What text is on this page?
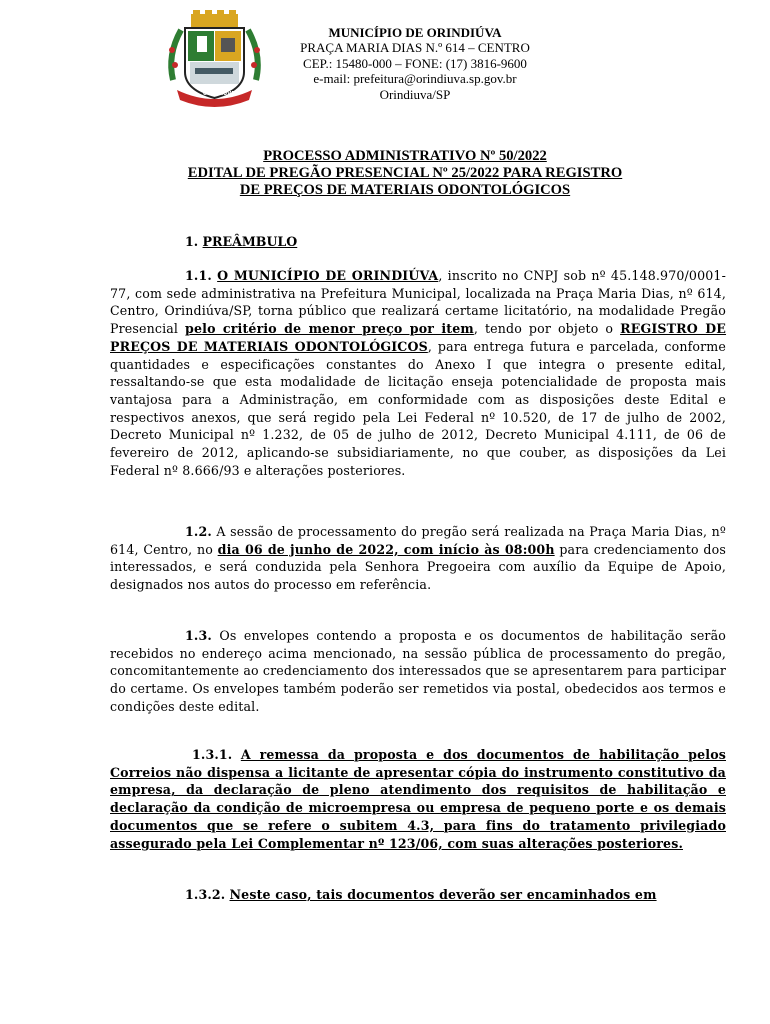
ORINDIÚVA
MUNICÍPIO DE ORINDIÚVA
PRAÇA MARIA DIAS N.º 614 – CENTRO
CEP.: 15480-000 – FONE: (17) 3816-9600
e-mail: prefeitura@orindiuva.sp.gov.br
Orindiuva/SP
PROCESSO ADMINISTRATIVO Nº 50/2022
EDITAL DE PREGÃO PRESENCIAL Nº 25/2022 PARA REGISTRO
DE PREÇOS DE MATERIAIS ODONTOLÓGICOS
1. PREÂMBULO
1.1. O MUNICÍPIO DE ORINDIÚVA, inscrito no CNPJ sob nº 45.148.970/0001-77, com sede administrativa na Prefeitura Municipal, localizada na Praça Maria Dias, nº 614, Centro, Orindiúva/SP, torna público que realizará certame licitatório, na modalidade Pregão Presencial pelo critério de menor preço por item, tendo por objeto o REGISTRO DE PREÇOS DE MATERIAIS ODONTOLÓGICOS, para entrega futura e parcelada, conforme quantidades e especificações constantes do Anexo I que integra o presente edital, ressaltando-se que esta modalidade de licitação enseja potencialidade de proposta mais vantajosa para a Administração, em conformidade com as disposições deste Edital e respectivos anexos, que será regido pela Lei Federal nº 10.520, de 17 de julho de 2002, Decreto Municipal nº 1.232, de 05 de julho de 2012, Decreto Municipal 4.111, de 06 de fevereiro de 2012, aplicando-se subsidiariamente, no que couber, as disposições da Lei Federal nº 8.666/93 e alterações posteriores.
1.2. A sessão de processamento do pregão será realizada na Praça Maria Dias, nº 614, Centro, no dia 06 de junho de 2022, com início às 08:00h para credenciamento dos interessados, e será conduzida pela Senhora Pregoeira com auxílio da Equipe de Apoio, designados nos autos do processo em referência.
1.3. Os envelopes contendo a proposta e os documentos de habilitação serão recebidos no endereço acima mencionado, na sessão pública de processamento do pregão, concomitantemente ao credenciamento dos interessados que se apresentarem para participar do certame. Os envelopes também poderão ser remetidos via postal, obedecidos aos termos e condições deste edital.
1.3.1. A remessa da proposta e dos documentos de habilitação pelos Correios não dispensa a licitante de apresentar cópia do instrumento constitutivo da empresa, da declaração de pleno atendimento dos requisitos de habilitação e declaração da condição de microempresa ou empresa de pequeno porte e os demais documentos que se refere o subitem 4.3, para fins do tratamento privilegiado assegurado pela Lei Complementar nº 123/06, com suas alterações posteriores.
1.3.2. Neste caso, tais documentos deverão ser encaminhados em
